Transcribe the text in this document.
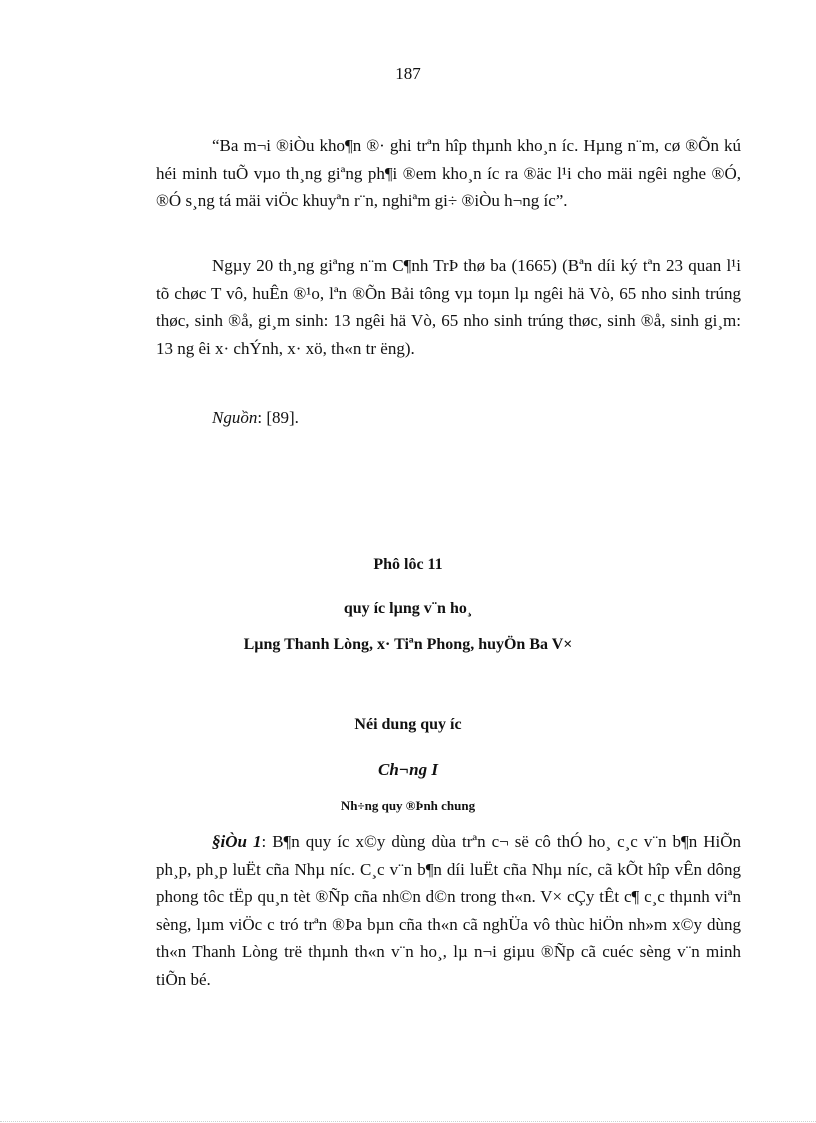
187

“Ba m¬i ®iÒu kho¶n ®· ghi trªn hîp thµnh kho¸n íc. Hµng n¨m, cø ®Õn kú héi minh tuÕ vµo th¸ng giªng ph¶i ®em kho¸n íc ra ®äc l¹i cho mäi ngêi nghe ®Ó, ®Ó s¸ng tá mäi viÖc khuyªn r¨n, nghiªm gi÷ ®iÒu h¬ng íc”.

Ngµy 20 th¸ng giªng n¨m C¶nh TrÞ thø ba (1665) (Bªn díi ký tªn 23 quan l¹i tõ chøc T vô, huÊn ®¹o, lªn ®Õn Bải tông vµ toµn lµ ngêi hä Vò, 65 nho sinh trúng thøc, sinh ®å, gi¸m sinh: 13 ngêi hä Vò, 65 nho sinh trúng thøc, sinh ®å, sinh gi¸m: 13 ng êi x· chÝnh, x· xö, th«n tr ëng).

Nguồn: [89].

Phô lôc 11

quy íc lµng v¨n ho¸

Lµng Thanh Lòng, x· Tiªn Phong, huyÖn Ba V×

Néi dung quy íc

Ch¬ng I

Nh÷ng quy ®Þnh chung

§iÒu 1: B¶n quy íc x©y dùng dùa trªn c¬ së cô thÓ ho¸ c¸c v¨n b¶n HiÕn ph¸p, ph¸p luËt cña Nhµ níc. C¸c v¨n b¶n díi luËt cña Nhµ níc, cã kÕt hîp vÊn dông phong tôc tËp qu¸n tèt ®Ñp cña nh©n d©n trong th«n. V× cÇy tÊt c¶ c¸c thµnh viªn sèng, lµm viÖc c tró trªn ®Þa bµn cña th«n cã nghÜa vô thùc hiÖn nh»m x©y dùng th«n Thanh Lòng trë thµnh th«n v¨n ho¸, lµ n¬i giµu ®Ñp cã cuéc sèng v¨n minh tiÕn bé.
